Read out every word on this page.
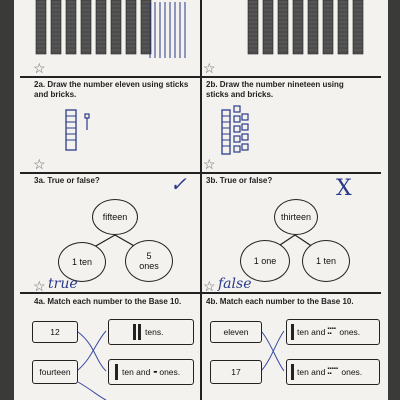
☆	☆
2a. Draw the number eleven using sticks and bricks.
2b. Draw the number nineteen using sticks and bricks.
☆	☆
3a. True or false?	✓
fifteen
1 ten
5
ones
☆ true
3b. True or false?	X
thirteen
1 one	1 ten
☆ false
4a. Match each number to the Base 10.
12
fourteen
tens.
ten and ▪▪ ones.
4b. Match each number to the Base 10.
eleven
17
ten and ▪▪▪▪▪▪ ones.
ten and ▪▪▪▪▪▪▪	ones.
